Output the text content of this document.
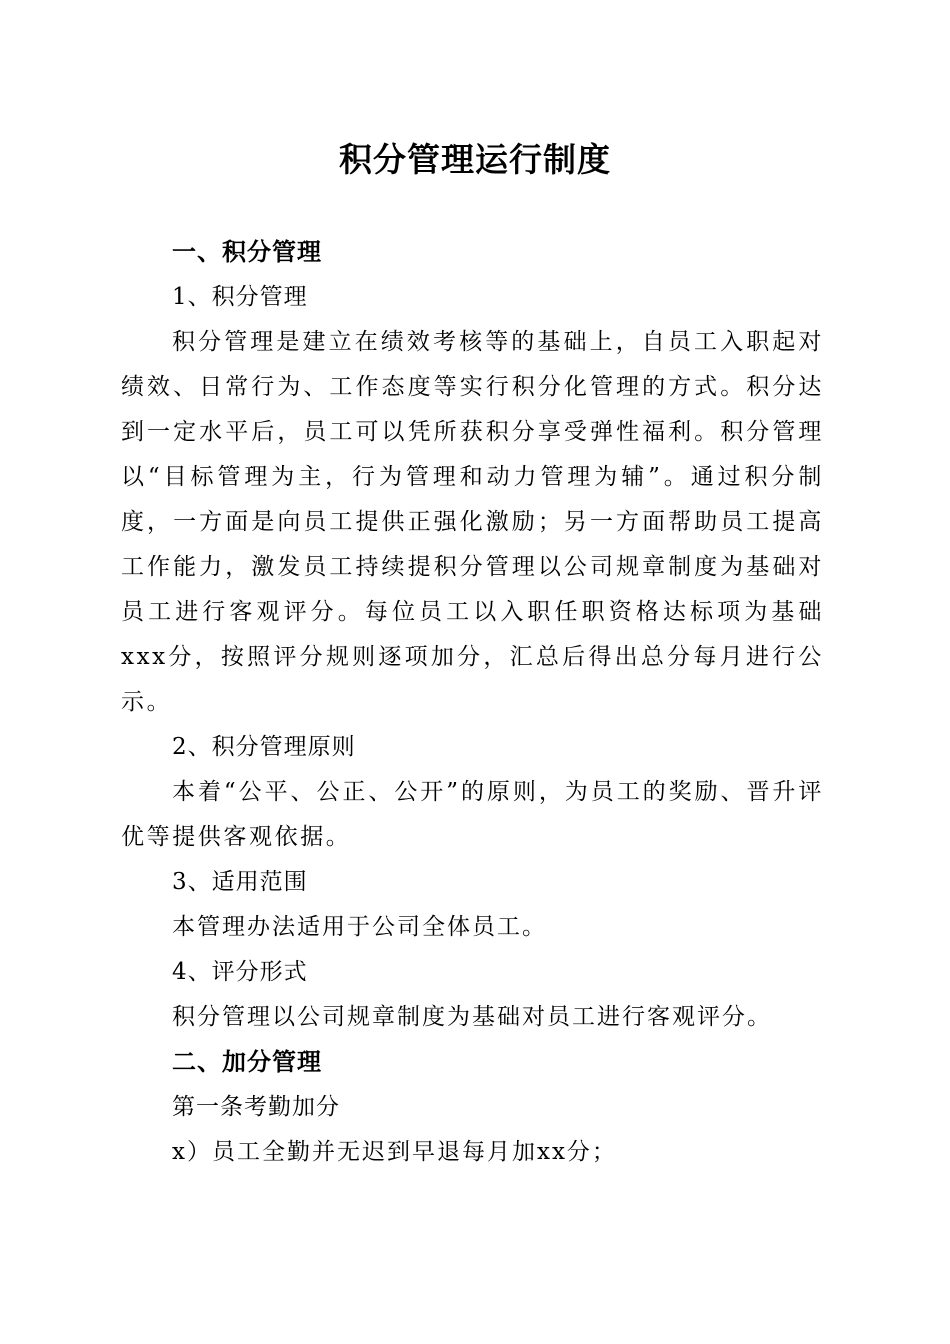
积分管理运行制度

一、积分管理

1、积分管理

积分管理是建立在绩效考核等的基础上，自员工入职起对绩效、日常行为、工作态度等实行积分化管理的方式。积分达到一定水平后，员工可以凭所获积分享受弹性福利。积分管理以“目标管理为主，行为管理和动力管理为辅”。通过积分制度，一方面是向员工提供正强化激励；另一方面帮助员工提高工作能力，激发员工持续提积分管理以公司规章制度为基础对员工进行客观评分。每位员工以入职任职资格达标项为基础xxx分，按照评分规则逐项加分，汇总后得出总分每月进行公示。

2、积分管理原则

本着“公平、公正、公开”的原则，为员工的奖励、晋升评优等提供客观依据。

3、适用范围

本管理办法适用于公司全体员工。

4、评分形式

积分管理以公司规章制度为基础对员工进行客观评分。

二、加分管理

第一条考勤加分

x）员工全勤并无迟到早退每月加xx分；
